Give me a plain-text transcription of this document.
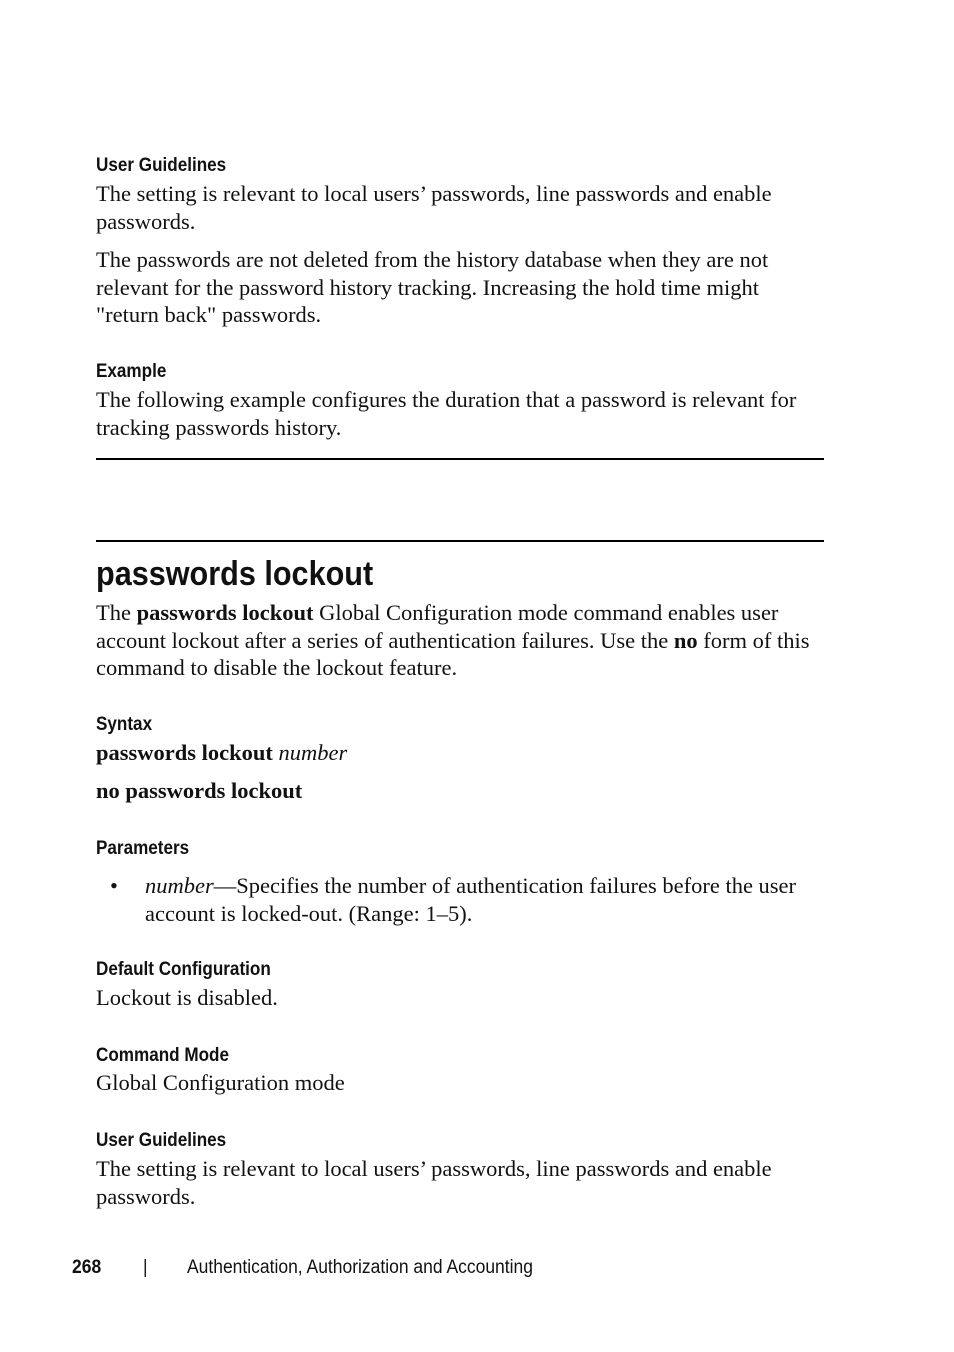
User Guidelines

The setting is relevant to local users’ passwords, line passwords and enable passwords.

The passwords are not deleted from the history database when they are not relevant for the password history tracking. Increasing the hold time might "return back" passwords.

Example

The following example configures the duration that a password is relevant for tracking passwords history.

passwords lockout

The passwords lockout Global Configuration mode command enables user account lockout after a series of authentication failures. Use the no form of this command to disable the lockout feature.

Syntax

passwords lockout number

no passwords lockout

Parameters
• number—Specifies the number of authentication failures before the user account is locked-out. (Range: 1–5).
Default Configuration

Lockout is disabled.

Command Mode

Global Configuration mode

User Guidelines

The setting is relevant to local users’ passwords, line passwords and enable passwords.

268 | Authentication, Authorization and Accounting
